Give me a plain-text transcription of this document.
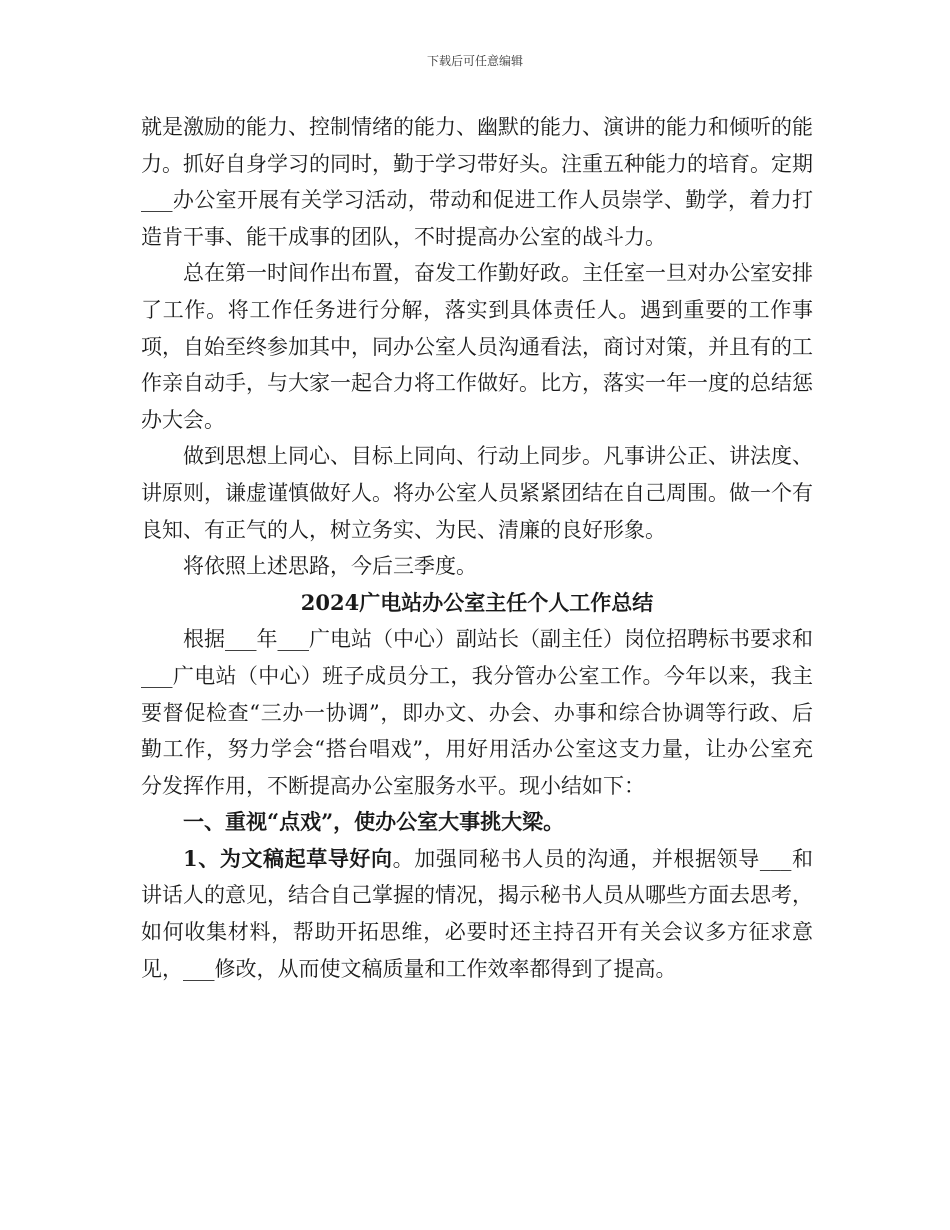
下载后可任意编辑

就是激励的能力、控制情绪的能力、幽默的能力、演讲的能力和倾听的能力。抓好自身学习的同时，勤于学习带好头。注重五种能力的培育。定期___办公室开展有关学习活动，带动和促进工作人员崇学、勤学，着力打造肯干事、能干成事的团队，不时提高办公室的战斗力。

总在第一时间作出布置，奋发工作勤好政。主任室一旦对办公室安排了工作。将工作任务进行分解，落实到具体责任人。遇到重要的工作事项，自始至终参加其中，同办公室人员沟通看法，商讨对策，并且有的工作亲自动手，与大家一起合力将工作做好。比方，落实一年一度的总结惩办大会。

做到思想上同心、目标上同向、行动上同步。凡事讲公正、讲法度、讲原则，谦虚谨慎做好人。将办公室人员紧紧团结在自己周围。做一个有良知、有正气的人，树立务实、为民、清廉的良好形象。

将依照上述思路，今后三季度。

2024广电站办公室主任个人工作总结

根据___年___广电站（中心）副站长（副主任）岗位招聘标书要求和___广电站（中心）班子成员分工，我分管办公室工作。今年以来，我主要督促检查“三办一协调”，即办文、办会、办事和综合协调等行政、后勤工作，努力学会“搭台唱戏”，用好用活办公室这支力量，让办公室充分发挥作用，不断提高办公室服务水平。现小结如下：

一、重视“点戏”，使办公室大事挑大梁。

1、为文稿起草导好向。加强同秘书人员的沟通，并根据领导___和讲话人的意见，结合自己掌握的情况，揭示秘书人员从哪些方面去思考，如何收集材料，帮助开拓思维，必要时还主持召开有关会议多方征求意见，___修改，从而使文稿质量和工作效率都得到了提高。
